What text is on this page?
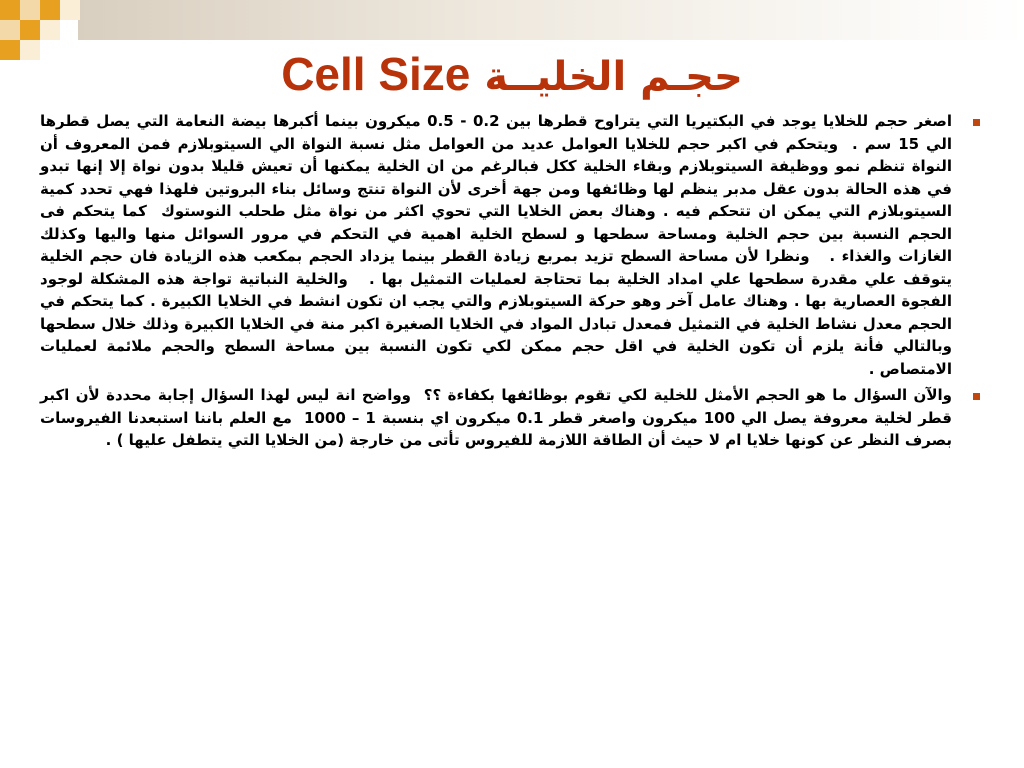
حجـم الخليــة Cell Size
اصغر حجم للخلايا يوجد في البكتيريا التي يتراوح قطرها بين 0.2 - 0.5 ميكرون بينما أكبرها بيضة النعامة التي يصل قطرها الي 15 سم .  ويتحكم في اكبر حجم للخلايا العوامل عديد من العوامل مثل نسبة النواة الي السيتوبلازم فمن المعروف أن النواة تنظم نمو ووظيفة السيتوبلازم وبقاء الخلية ككل فبالرغم من ان الخلية يمكنها أن تعيش قليلا بدون نواة إلا إنها تبدو في هذه الحالة بدون عقل مدبر ينظم لها وظائفها ومن جهة أخرى لأن النواة تنتج وسائل بناء البروتين فلهذا فهي تحدد كمية السيتوبلازم التي يمكن ان تتحكم فيه . وهناك بعض الخلايا التي تحوي اكثر من نواة مثل طحلب النوستوك  كما يتحكم فى الحجم النسبة بين حجم الخلية ومساحة سطحها و لسطح الخلية اهمية في التحكم في مرور السوائل منها واليها وكذلك الغازات والغذاء .   ونظرا لأن مساحة السطح تزيد بمربع زيادة القطر بينما يزداد الحجم بمكعب هذه الزيادة فان حجم الخلية يتوقف علي مقدرة سطحها علي امداد الخلية بما تحتاجة لعمليات التمثيل بها .   والخلية النباتية تواجة هذه المشكلة لوجود الفجوة العصارية بها . وهناك عامل آخر وهو حركة السيتوبلازم والتي يجب ان تكون انشط في الخلايا الكبيرة . كما يتحكم في الحجم معدل نشاط الخلية في التمثيل فمعدل تبادل المواد في الخلايا الصغيرة اكبر منة في الخلايا الكبيرة وذلك خلال سطحها  وبالتالي فأنة يلزم أن تكون الخلية في اقل حجم ممكن لكي تكون النسبة بين مساحة السطح والحجم ملائمة لعمليات الامتصاص .
والآن السؤال ما هو الحجم الأمثل للخلية لكي تقوم بوظائفها بكفاءة ؟؟  وواضح انة ليس لهذا السؤال إجابة محددة لأن اكبر قطر لخلية معروفة يصل الي 100 ميكرون واصغر قطر 0.1 ميكرون اي بنسبة 1 – 1000  مع العلم باننا استبعدنا الفيروسات بصرف النظر عن كونها خلايا ام لا حيث أن الطاقة اللازمة للفيروس تأتى من خارجة (من الخلايا التي يتطفل عليها ) .
